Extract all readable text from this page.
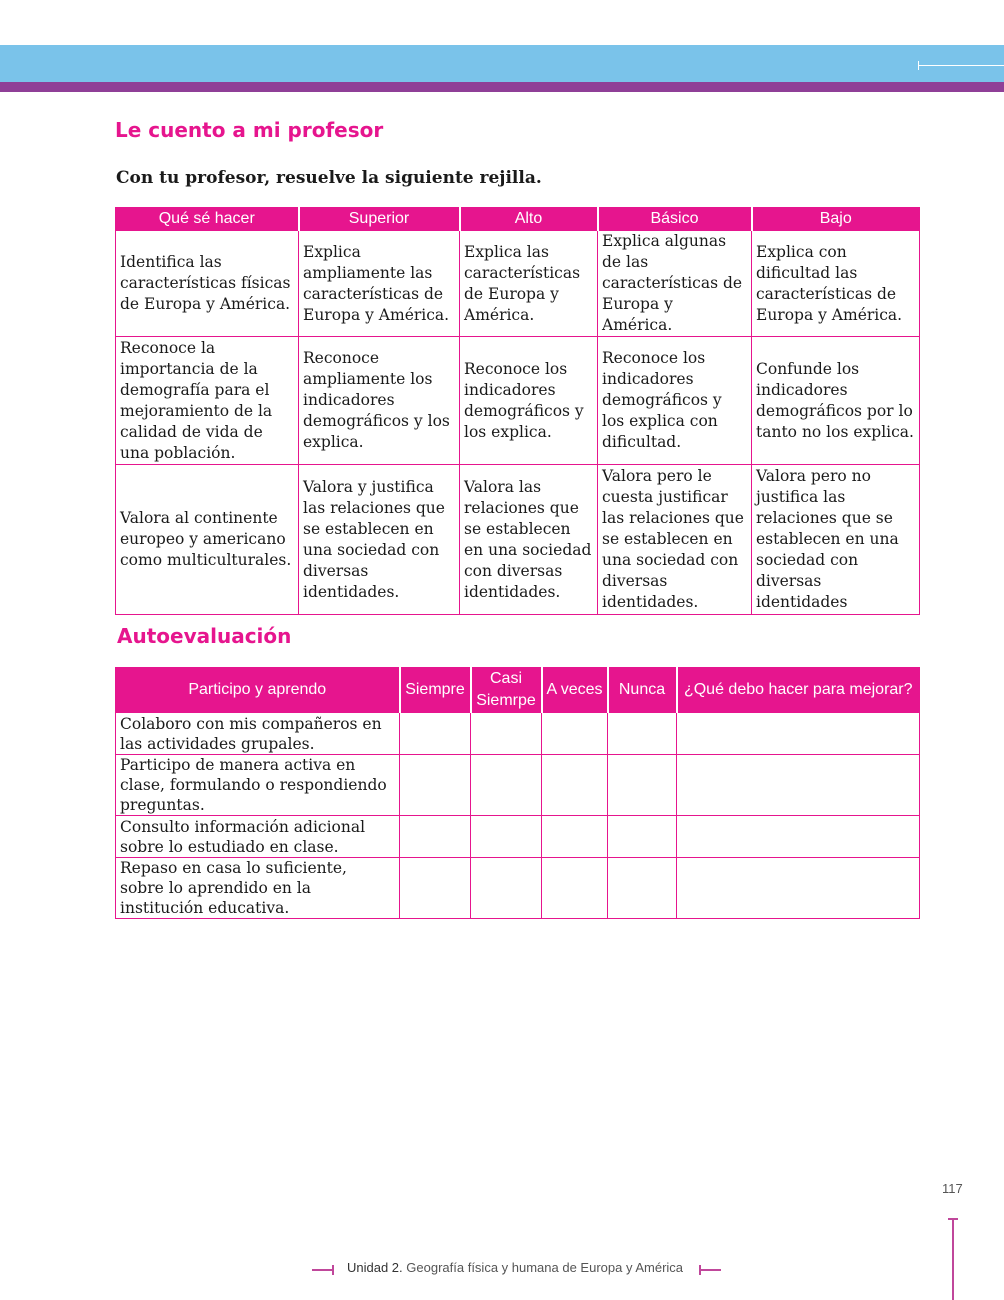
Le cuento a mi profesor
Con tu profesor, resuelve la siguiente rejilla.
Qué sé hacer	Superior	Alto	Básico	Bajo
Identifica las características físicas de Europa y América.	Explica ampliamente las características de Europa y América.	Explica las características de Europa y América.	Explica algunas de las características de Europa y América.	Explica con dificultad las características de Europa y América.
Reconoce la importancia de la demografía para el mejoramiento de la calidad de vida de una población.	Reconoce ampliamente los indicadores demográficos y los explica.	Reconoce los indicadores demográficos y los explica.	Reconoce los indicadores demográficos y los explica con dificultad.	Confunde los indicadores demográficos por lo tanto no los explica.
Valora al continente europeo y americano como multiculturales.	Valora y justifica las relaciones que se establecen en una sociedad con diversas identidades.	Valora las relaciones que se establecen en una sociedad con diversas identidades.	Valora pero le cuesta justificar las relaciones que se establecen en una sociedad con diversas identidades.	Valora pero no justifica las relaciones que se establecen en una sociedad con diversas identidades
Autoevaluación
Participo y aprendo	Siempre	Casi Siemrpe	A veces	Nunca	¿Qué debo hacer para mejorar?
Colaboro con mis compañeros en las actividades grupales.					
Participo de manera activa en clase, formulando o respondiendo preguntas.					
Consulto información adicional sobre lo estudiado en clase.					
Repaso en casa lo suficiente, sobre lo aprendido en la institución educativa.					
117
Unidad 2. Geografía física y humana de Europa y América
